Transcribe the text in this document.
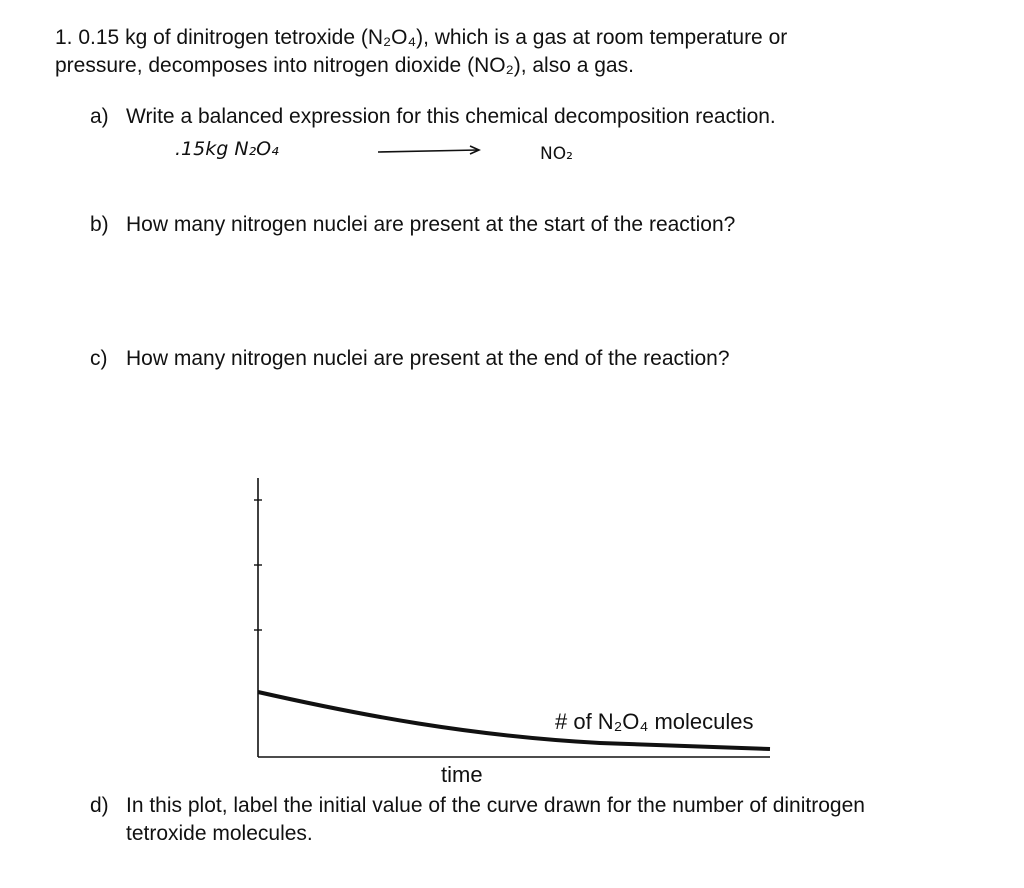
1. 0.15 kg of dinitrogen tetroxide (N₂O₄), which is a gas at room temperature or
pressure, decomposes into nitrogen dioxide (NO₂), also a gas.
a) Write a balanced expression for this chemical decomposition reaction.
.15kg N₂O₄	NO₂
b) How many nitrogen nuclei are present at the start of the reaction?
c) How many nitrogen nuclei are present at the end of the reaction?
# of N₂O₄ molecules
time
d) In this plot, label the initial value of the curve drawn for the number of dinitrogen tetroxide molecules.
